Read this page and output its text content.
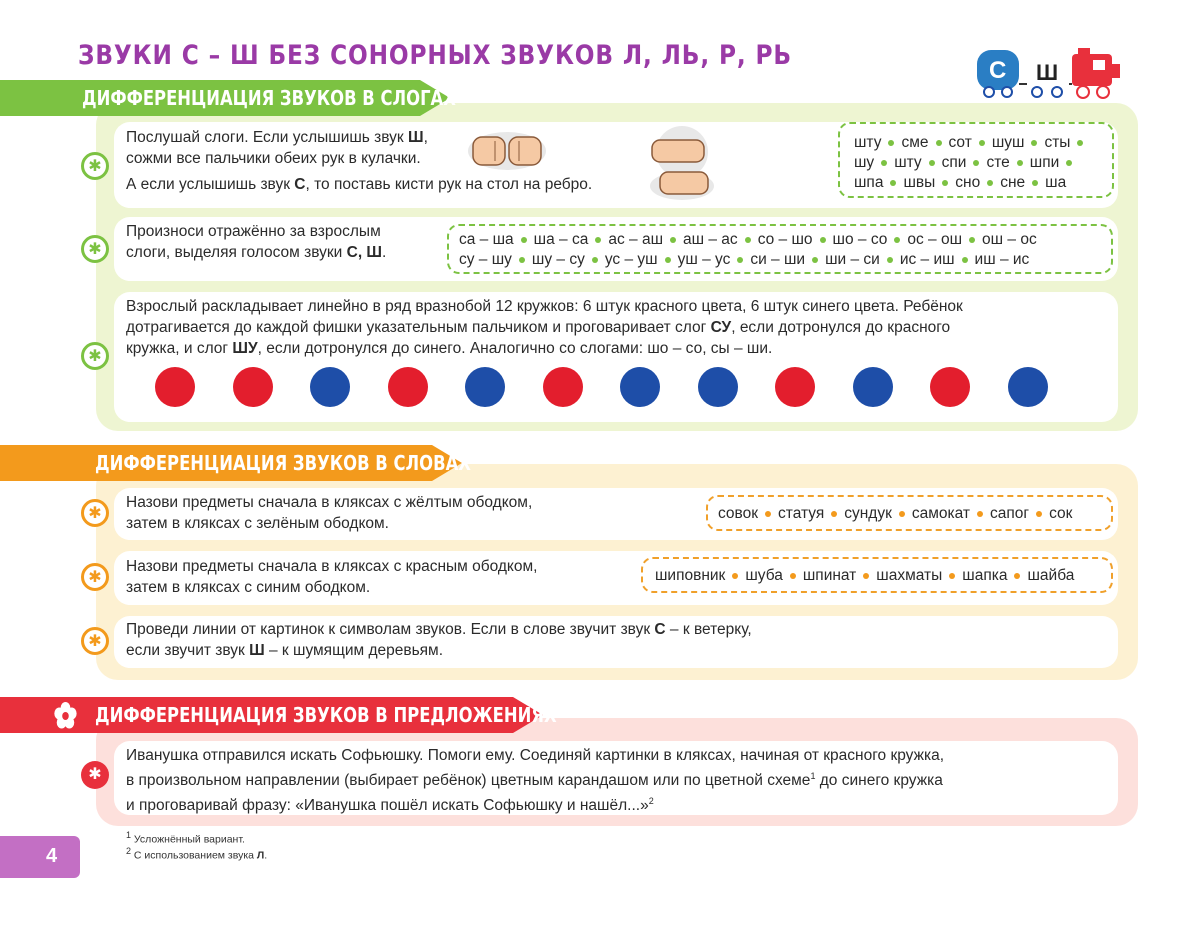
ЗВУКИ С – Ш БЕЗ СОНОРНЫХ ЗВУКОВ Л, ЛЬ, Р, РЬ	С Ш
ДИФФЕРЕНЦИАЦИЯ ЗВУКОВ В СЛОГАХ
✱
Послушай слоги. Если услышишь звук Ш,
сожми все пальчики обеих рук в кулачки.
А если услышишь звук С, то поставь кисти рук на стол на ребро.
шту сме сот шуш сты
шу шту спи сте шпи
шпа швы сно сне ша
✱
Произноси отражённо за взрослым
слоги, выделяя голосом звуки С, Ш.
са – ша ша – са ас – аш аш – ас со – шо шо – со ос – ош ош – ос
су – шу шу – су ус – уш уш – ус си – ши ши – си ис – иш иш – ис
✱
Взрослый раскладывает линейно в ряд вразнобой 12 кружков: 6 штук красного цвета, 6 штук синего цвета. Ребёнок
дотрагивается до каждой фишки указательным пальчиком и проговаривает слог СУ, если дотронулся до красного
кружка, и слог ШУ, если дотронулся до синего. Аналогично со слогами: шо – со, сы – ши.
ДИФФЕРЕНЦИАЦИЯ ЗВУКОВ В СЛОВАХ
✱
Назови предметы сначала в кляксах с жёлтым ободком,
затем в кляксах с зелёным ободком.
совок статуя сундук самокат сапог сок
✱
Назови предметы сначала в кляксах с красным ободком,
затем в кляксах с синим ободком.
шиповник шуба шпинат шахматы шапка шайба
✱
Проведи линии от картинок к символам звуков. Если в слове звучит звук С – к ветерку,
если звучит звук Ш – к шумящим деревьям.
ДИФФЕРЕНЦИАЦИЯ ЗВУКОВ В ПРЕДЛОЖЕНИЯХ
✱
Иванушка отправился искать Софьюшку. Помоги ему. Соединяй картинки в кляксах, начиная от красного кружка,
в произвольном направлении (выбирает ребёнок) цветным карандашом или по цветной схеме$^1$ до синего кружка
и проговаривай фразу: «Иванушка пошёл искать Софьюшку и нашёл...»$^2$
$^1$ Усложнённый вариант.
$^2$ С использованием звука Л.
4
